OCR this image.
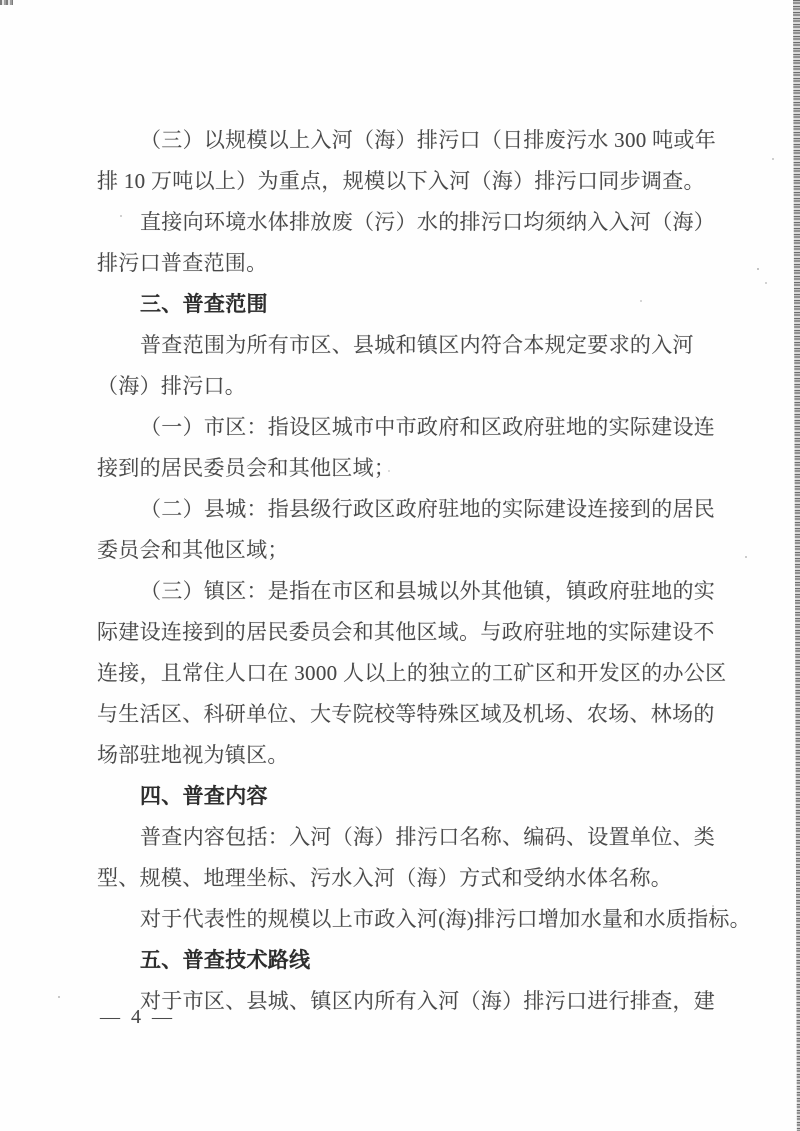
（三）以规模以上入河（海）排污口（日排废污水 300 吨或年
排 10 万吨以上）为重点，规模以下入河（海）排污口同步调查。
直接向环境水体排放废（污）水的排污口均须纳入入河（海）
排污口普查范围。
三、普查范围
普查范围为所有市区、县城和镇区内符合本规定要求的入河
（海）排污口。
（一）市区：指设区城市中市政府和区政府驻地的实际建设连
接到的居民委员会和其他区域；
（二）县城：指县级行政区政府驻地的实际建设连接到的居民
委员会和其他区域；
（三）镇区：是指在市区和县城以外其他镇，镇政府驻地的实
际建设连接到的居民委员会和其他区域。与政府驻地的实际建设不
连接，且常住人口在 3000 人以上的独立的工矿区和开发区的办公区
与生活区、科研单位、大专院校等特殊区域及机场、农场、林场的
场部驻地视为镇区。
四、普查内容
普查内容包括：入河（海）排污口名称、编码、设置单位、类
型、规模、地理坐标、污水入河（海）方式和受纳水体名称。
对于代表性的规模以上市政入河(海)排污口增加水量和水质指标。
五、普查技术路线
对于市区、县城、镇区内所有入河（海）排污口进行排查，建
— 4 —
